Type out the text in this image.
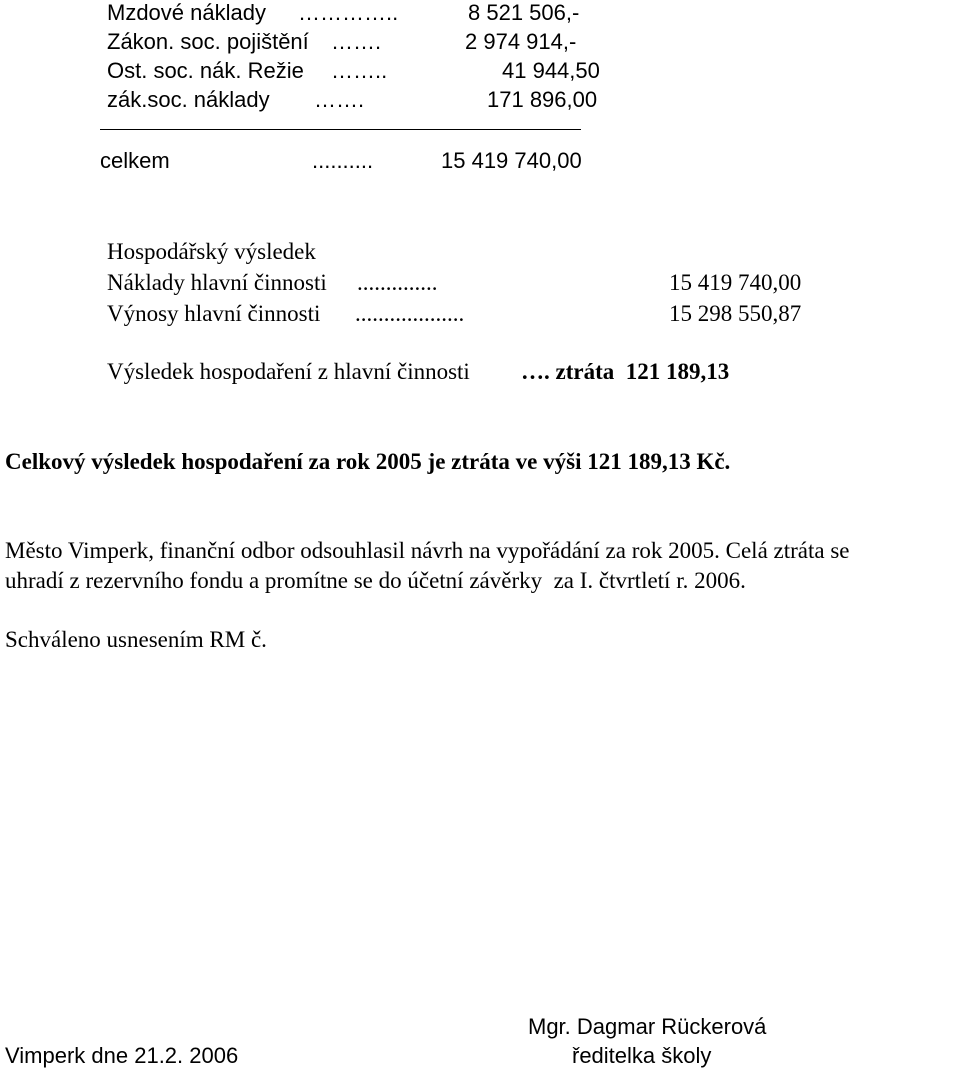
Mzdové náklady …………..	8 521 506,-
Zákon. soc. pojištění …….	2 974 914,-
Ost. soc. nák. Režie ……..	41 944,50
zák.soc. náklady …….	171 896,00
celkem	..........	15 419 740,00
Hospodářský výsledek
Náklady hlavní činnosti ..............	15 419 740,00
Výnosy hlavní činnosti ...................	15 298 550,87
Výsledek hospodaření z hlavní činnosti …. ztráta  121 189,13
Celkový výsledek hospodaření za rok 2005 je ztráta ve výši 121 189,13 Kč.
Město Vimperk, finanční odbor odsouhlasil návrh na vypořádání za rok 2005. Celá ztráta se
uhradí z rezervního fondu a promítne se do účetní závěrky  za I. čtvrtletí r. 2006.
Schváleno usnesením RM č.
Mgr. Dagmar Rückerová
Vimperk dne 21.2. 2006	ředitelka školy
